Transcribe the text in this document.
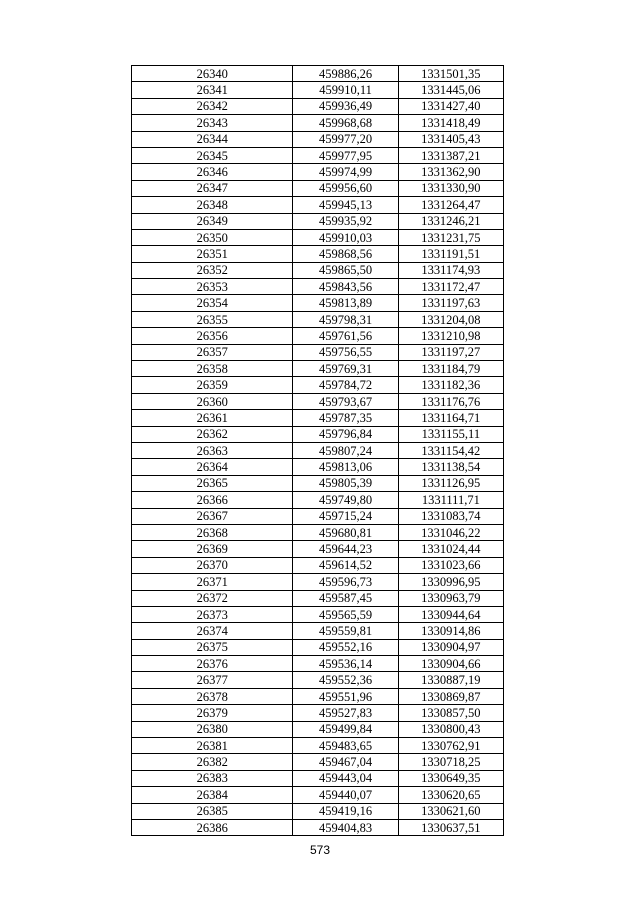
26340	459886,26	1331501,35
26341	459910,11	1331445,06
26342	459936,49	1331427,40
26343	459968,68	1331418,49
26344	459977,20	1331405,43
26345	459977,95	1331387,21
26346	459974,99	1331362,90
26347	459956,60	1331330,90
26348	459945,13	1331264,47
26349	459935,92	1331246,21
26350	459910,03	1331231,75
26351	459868,56	1331191,51
26352	459865,50	1331174,93
26353	459843,56	1331172,47
26354	459813,89	1331197,63
26355	459798,31	1331204,08
26356	459761,56	1331210,98
26357	459756,55	1331197,27
26358	459769,31	1331184,79
26359	459784,72	1331182,36
26360	459793,67	1331176,76
26361	459787,35	1331164,71
26362	459796,84	1331155,11
26363	459807,24	1331154,42
26364	459813,06	1331138,54
26365	459805,39	1331126,95
26366	459749,80	1331111,71
26367	459715,24	1331083,74
26368	459680,81	1331046,22
26369	459644,23	1331024,44
26370	459614,52	1331023,66
26371	459596,73	1330996,95
26372	459587,45	1330963,79
26373	459565,59	1330944,64
26374	459559,81	1330914,86
26375	459552,16	1330904,97
26376	459536,14	1330904,66
26377	459552,36	1330887,19
26378	459551,96	1330869,87
26379	459527,83	1330857,50
26380	459499,84	1330800,43
26381	459483,65	1330762,91
26382	459467,04	1330718,25
26383	459443,04	1330649,35
26384	459440,07	1330620,65
26385	459419,16	1330621,60
26386	459404,83	1330637,51
573
